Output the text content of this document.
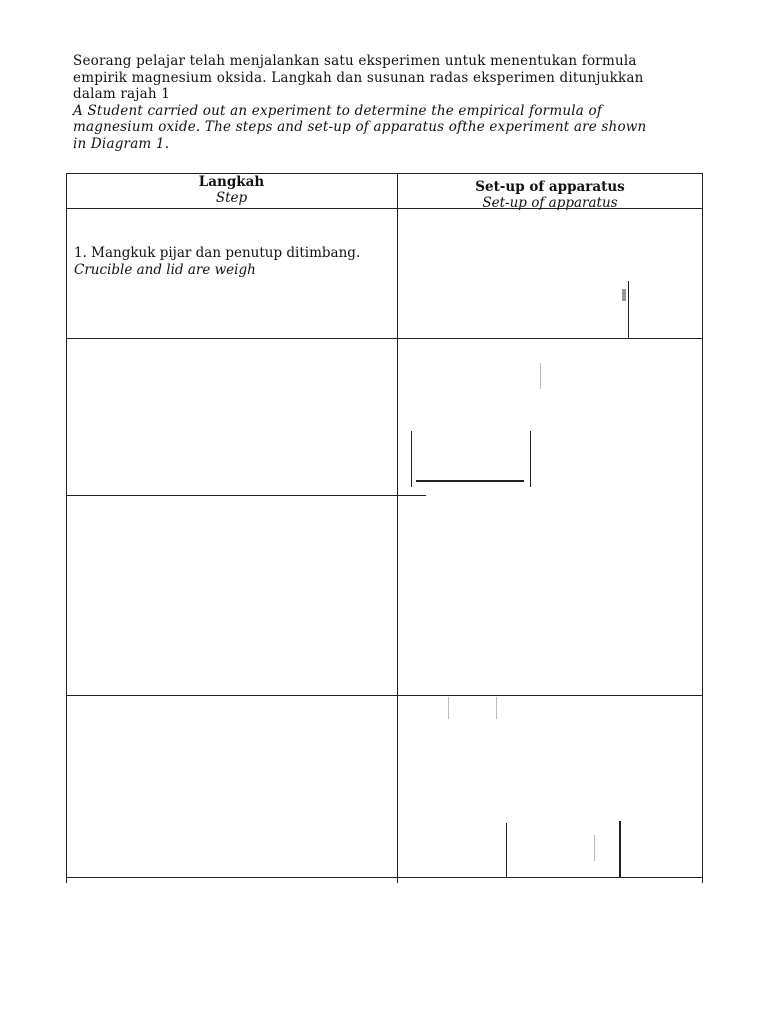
Seorang pelajar telah menjalankan satu eksperimen untuk menentukan formula

empirik magnesium oksida. Langkah dan susunan radas eksperimen ditunjukkan

dalam rajah 1

A Student carried out an experiment to determine the empirical formula of

magnesium oxide. The steps and set-up of apparatus ofthe experiment are shown

in Diagram 1.

Langkah
Step
Set-up of apparatus
Set-up of apparatus
1. Mangkuk pijar dan penutup ditimbang.
Crucible and lid are weigh
